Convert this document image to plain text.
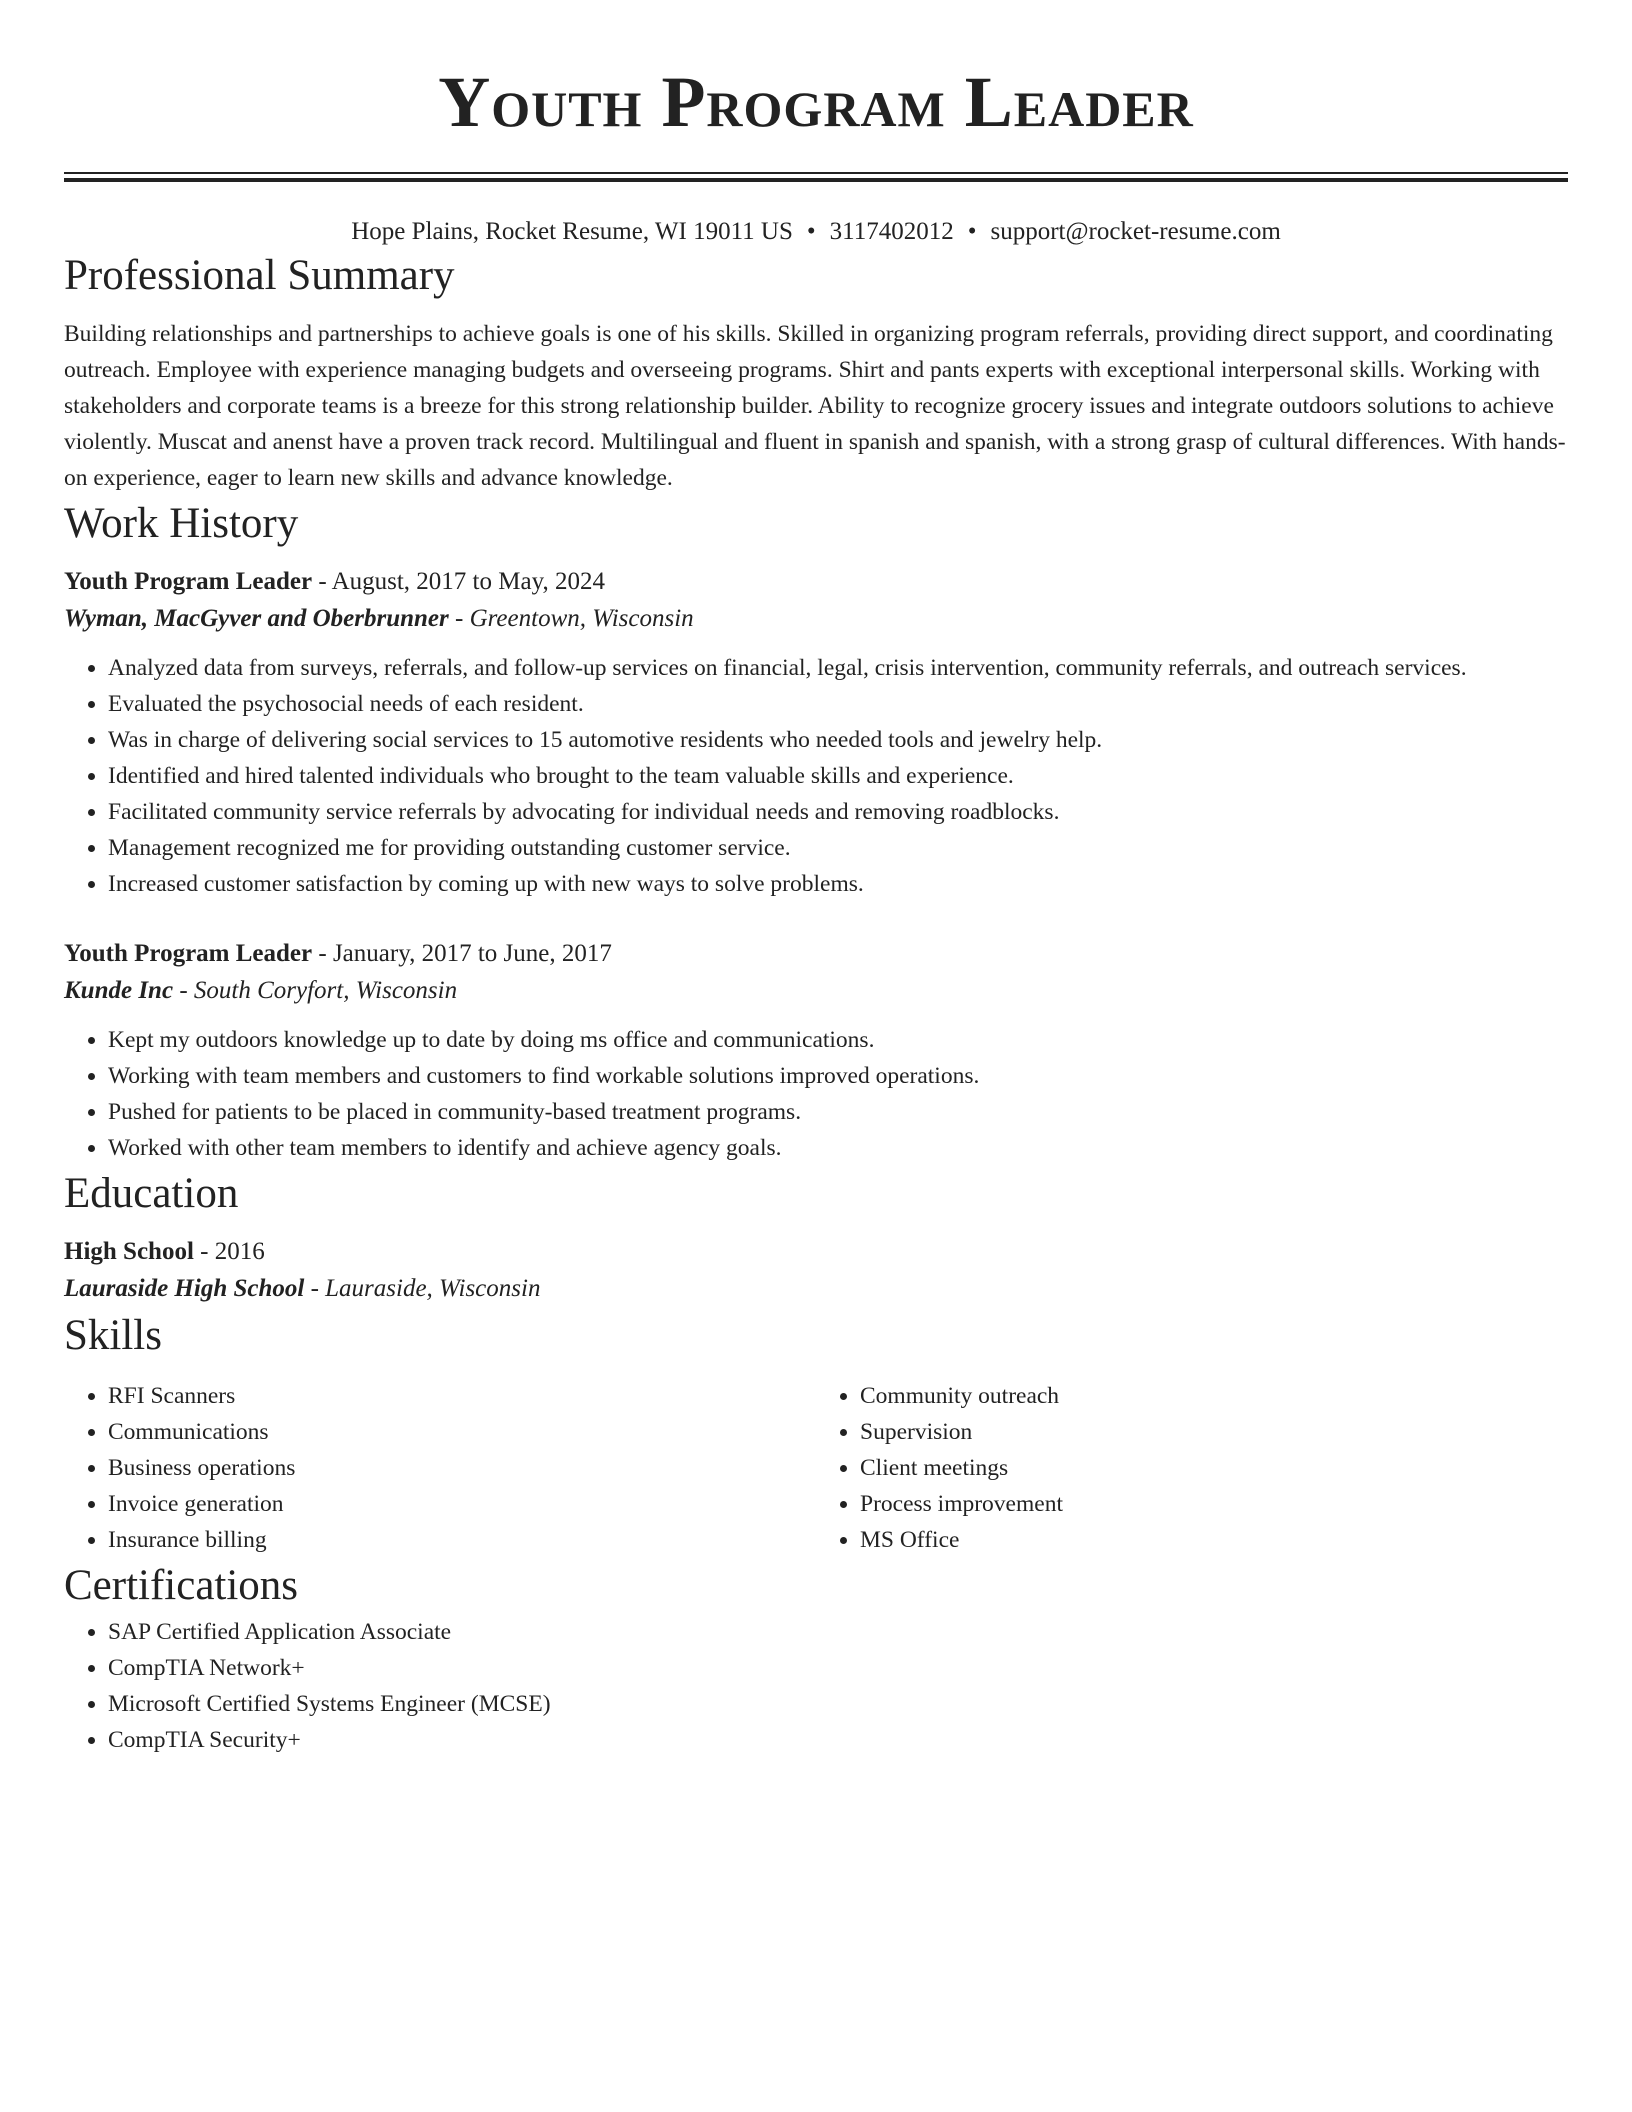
Youth Program Leader
Hope Plains, Rocket Resume, WI 19011 US • 3117402012 • support@rocket-resume.com
Professional Summary
Building relationships and partnerships to achieve goals is one of his skills. Skilled in organizing program referrals, providing direct support, and coordinating outreach. Employee with experience managing budgets and overseeing programs. Shirt and pants experts with exceptional interpersonal skills. Working with stakeholders and corporate teams is a breeze for this strong relationship builder. Ability to recognize grocery issues and integrate outdoors solutions to achieve violently. Muscat and anenst have a proven track record. Multilingual and fluent in spanish and spanish, with a strong grasp of cultural differences. With hands-on experience, eager to learn new skills and advance knowledge.
Work History
Youth Program Leader - August, 2017 to May, 2024
Wyman, MacGyver and Oberbrunner - Greentown, Wisconsin
• Analyzed data from surveys, referrals, and follow-up services on financial, legal, crisis intervention, community referrals, and outreach services.
• Evaluated the psychosocial needs of each resident.
• Was in charge of delivering social services to 15 automotive residents who needed tools and jewelry help.
• Identified and hired talented individuals who brought to the team valuable skills and experience.
• Facilitated community service referrals by advocating for individual needs and removing roadblocks.
• Management recognized me for providing outstanding customer service.
• Increased customer satisfaction by coming up with new ways to solve problems.
Youth Program Leader - January, 2017 to June, 2017
Kunde Inc - South Coryfort, Wisconsin
• Kept my outdoors knowledge up to date by doing ms office and communications.
• Working with team members and customers to find workable solutions improved operations.
• Pushed for patients to be placed in community-based treatment programs.
• Worked with other team members to identify and achieve agency goals.
Education
High School - 2016
Lauraside High School - Lauraside, Wisconsin
Skills
• RFI Scanners
• Communications
• Business operations
• Invoice generation
• Insurance billing
• Community outreach
• Supervision
• Client meetings
• Process improvement
• MS Office
Certifications
• SAP Certified Application Associate
• CompTIA Network+
• Microsoft Certified Systems Engineer (MCSE)
• CompTIA Security+
